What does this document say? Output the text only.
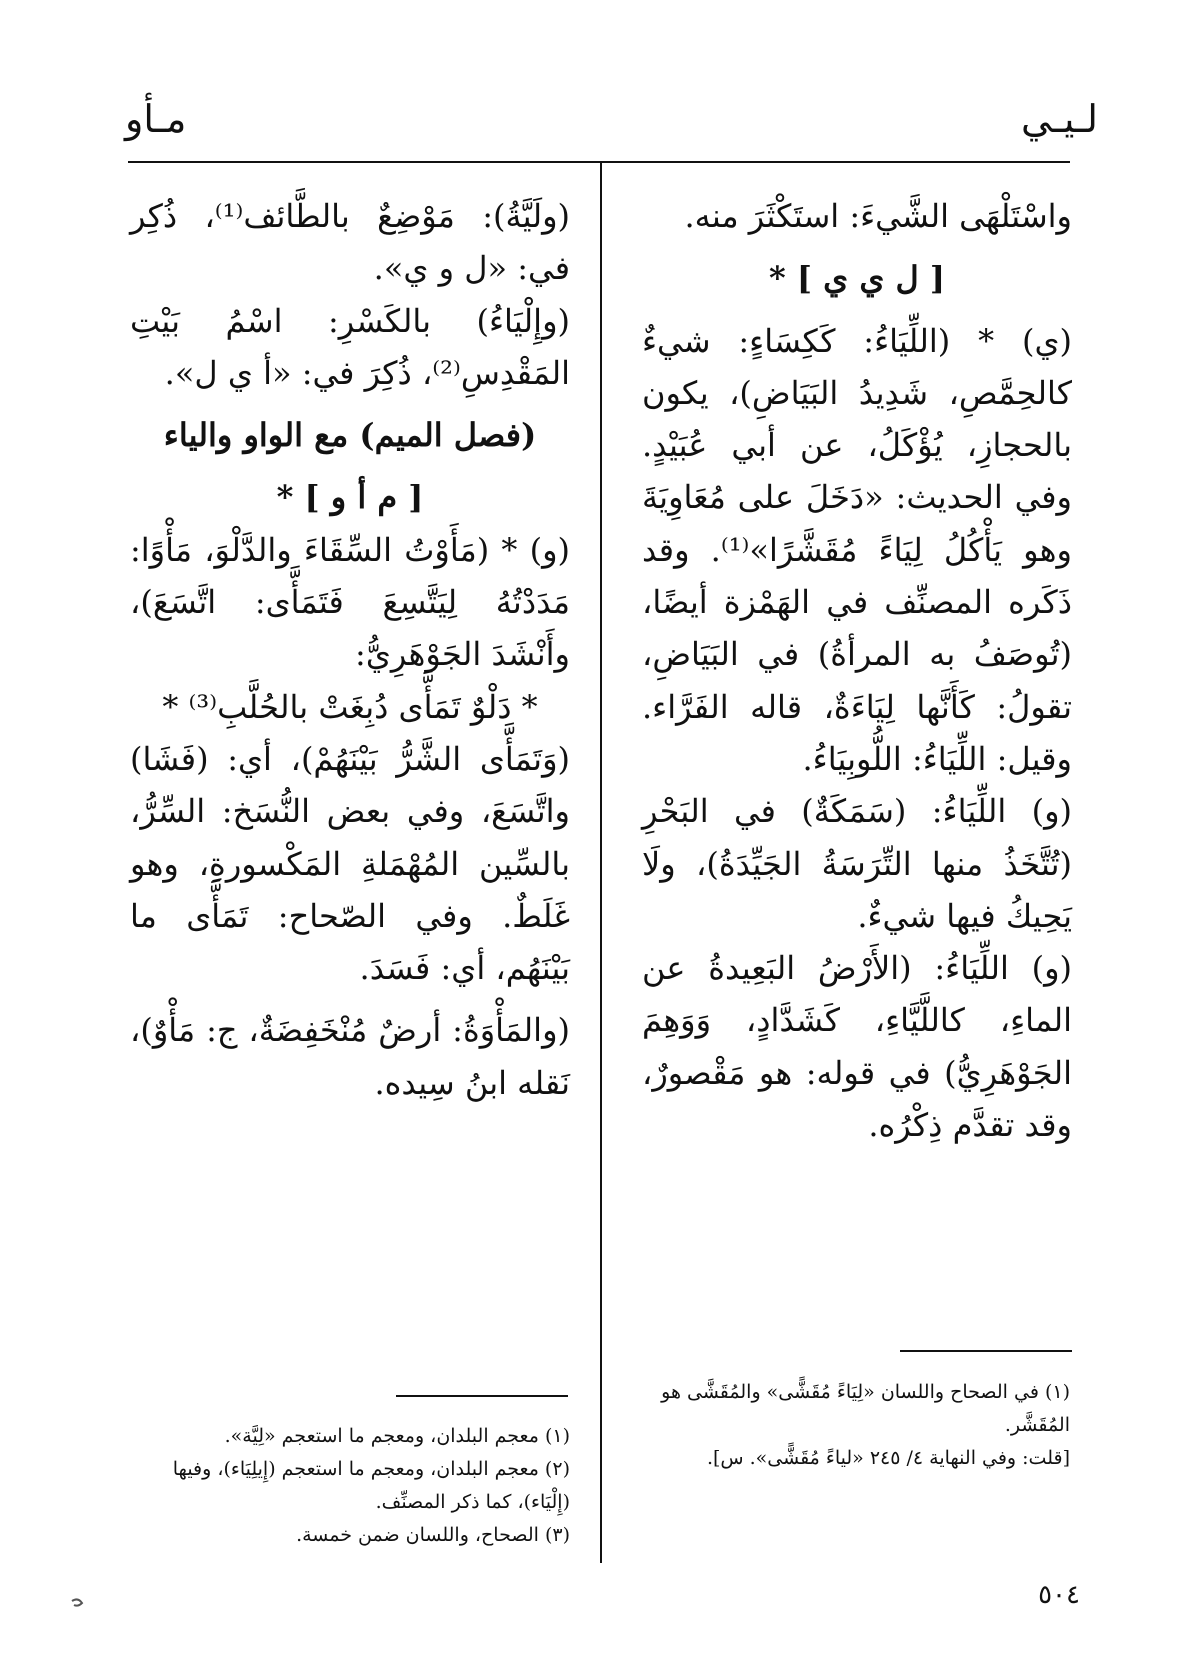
لـيـي
مـأو

واسْتَلْهَى الشَّيءَ: استَكْثَرَ منه.

[ ل ي ي ] *

(ي) * (اللِّيَاءُ: كَكِسَاءٍ: شيءٌ كالحِمَّصِ، شَدِيدُ البَيَاضِ)، يكون بالحجازِ، يُؤْكَلُ، عن أبي عُبَيْدٍ. وفي الحديث: «دَخَلَ على مُعَاوِيَةَ وهو يَأْكُلُ لِيَاءً مُقَشَّرًا»⁽¹⁾. وقد ذَكَره المصنِّف في الهَمْزة أيضًا، (تُوصَفُ به المرأةُ) في البَيَاضِ، تقولُ: كَأَنَّها لِيَاءَةٌ، قاله الفَرَّاء. وقيل: اللِّيَاءُ: اللُّوبِيَاءُ.

(و) اللِّيَاءُ: (سَمَكَةٌ) في البَحْرِ (تُتَّخَذُ منها التِّرَسَةُ الجَيِّدَةُ)، ولَا يَحِيكُ فيها شيءٌ.

(و) اللِّيَاءُ: (الأَرْضُ البَعِيدةُ عن الماءِ، كاللَّيَّاءِ، كَشَدَّادٍ، وَوَهِمَ الجَوْهَرِيُّ) في قوله: هو مَقْصورٌ، وقد تقدَّم ذِكْرُه.

(ولَيَّةُ): مَوْضِعٌ بالطَّائف⁽¹⁾، ذُكِر في: «ل و ي».

(وإِلْيَاءُ) بالكَسْرِ: اسْمُ بَيْتِ المَقْدِسِ⁽²⁾، ذُكِرَ في: «أ ي ل».

(فصل الميم) مع الواو والياء

[ م أ و ] *

(و) * (مَأَوْتُ السِّقَاءَ والدَّلْوَ، مَأْوًا: مَدَدْتُهُ لِيَتَّسِعَ فَتَمَأَّى: اتَّسَعَ)، وأَنْشَدَ الجَوْهَرِيُّ:

* دَلْوٌ تَمَأَّى دُبِغَتْ بالحُلَّبِ⁽³⁾ *

(وَتَمَأَّى الشَّرُّ بَيْنَهُمْ)، أي: (فَشَا) واتَّسَعَ، وفي بعض النُّسَخ: السِّرُّ، بالسِّين المُهْمَلةِ المَكْسورةِ، وهو غَلَطٌ. وفي الصّحاح: تَمَأَّى ما بَيْنَهُم، أي: فَسَدَ.

(والمَأْوَةُ: أرضٌ مُنْخَفِضَةٌ، ج: مَأْوٌ)، نَقله ابنُ سِيده.

(١) في الصحاح واللسان «لِيَاءً مُقَشًّى» والمُقَشَّى هو المُقَشَّر.

[قلت: وفي النهاية ٤/ ٢٤٥ «لياءً مُقَشًّى». س].

(١) معجم البلدان، ومعجم ما استعجم «لِيَّة».

(٢) معجم البلدان، ومعجم ما استعجم (إِيلِيَاء)، وفيها (إِلْيَاء)، كما ذكر المصنِّف.

(٣) الصحاح، واللسان ضمن خمسة.

٥٠٤
